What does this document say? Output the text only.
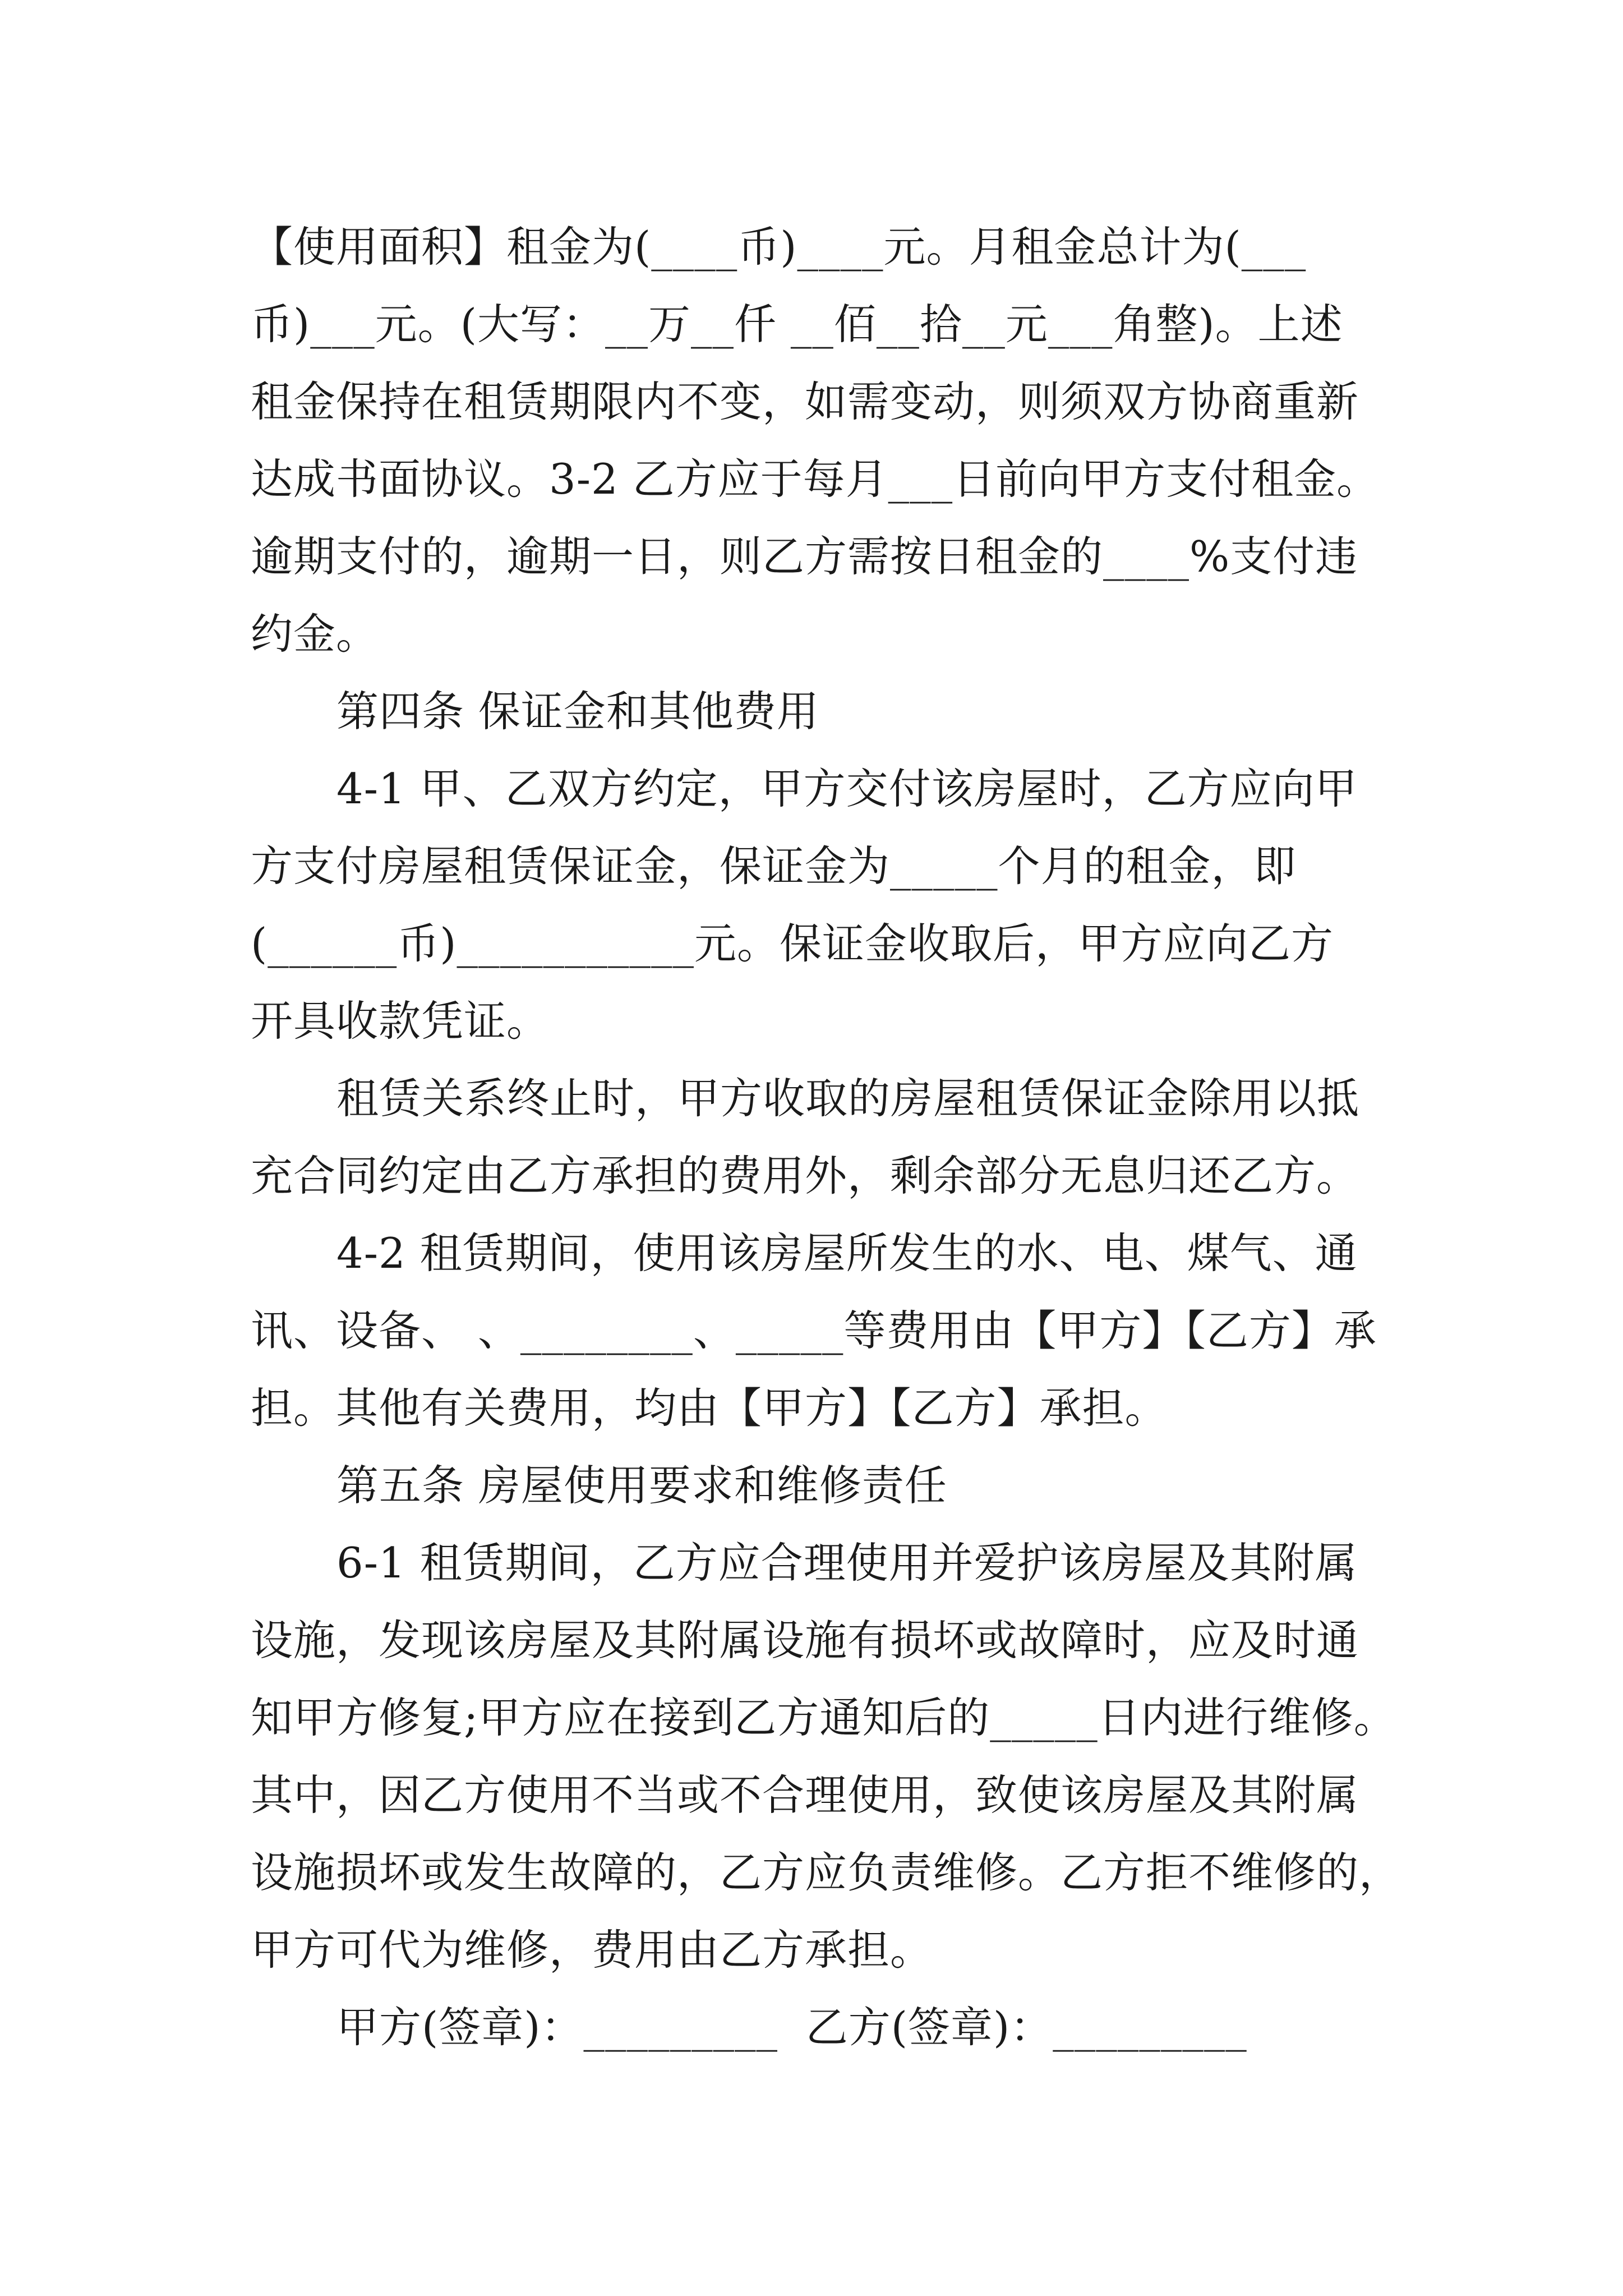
【使用面积】租金为(____币)____元。月租金总计为(___

币)___元。(大写：__万__仟 __佰__拾__元___角整)。上述

租金保持在租赁期限内不变，如需变动，则须双方协商重新

达成书面协议。3-2 乙方应于每月___日前向甲方支付租金。

逾期支付的，逾期一日，则乙方需按日租金的____%支付违

约金。

第四条 保证金和其他费用

4-1 甲、乙双方约定，甲方交付该房屋时，乙方应向甲

方支付房屋租赁保证金，保证金为_____个月的租金，即

(______币)___________元。保证金收取后，甲方应向乙方

开具收款凭证。

租赁关系终止时，甲方收取的房屋租赁保证金除用以抵

充合同约定由乙方承担的费用外，剩余部分无息归还乙方。

4-2 租赁期间，使用该房屋所发生的水、电、煤气、通

讯、设备、 、________、_____等费用由【甲方】【乙方】承

担。其他有关费用，均由【甲方】【乙方】承担。

第五条 房屋使用要求和维修责任

6-1 租赁期间，乙方应合理使用并爱护该房屋及其附属

设施，发现该房屋及其附属设施有损坏或故障时，应及时通

知甲方修复;甲方应在接到乙方通知后的_____日内进行维修。

其中，因乙方使用不当或不合理使用，致使该房屋及其附属

设施损坏或发生故障的，乙方应负责维修。乙方拒不维修的，

甲方可代为维修，费用由乙方承担。

甲方(签章)：_________  乙方(签章)：_________
